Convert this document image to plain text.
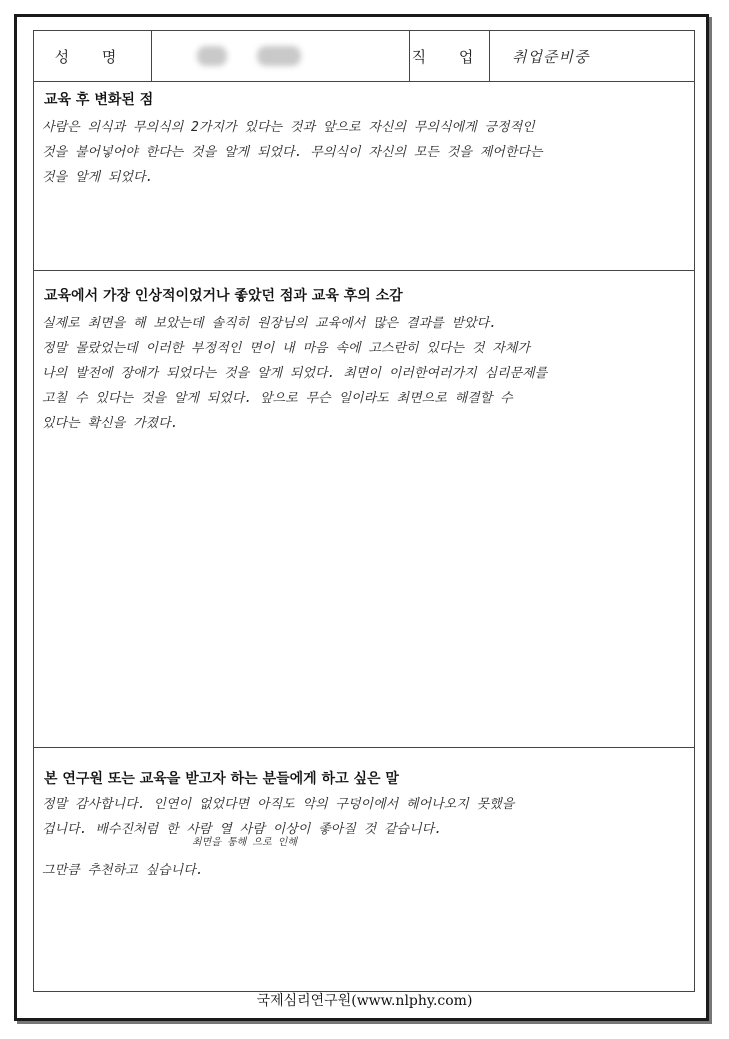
성 명	직 업	취업준비중
교육 후 변화된 점
사람은 의식과 무의식의 2가지가 있다는 것과 앞으로 자신의 무의식에게 긍정적인
것을 불어넣어야 한다는 것을 알게 되었다. 무의식이 자신의 모든 것을 제어한다는
것을 알게 되었다.
교육에서 가장 인상적이었거나 좋았던 점과 교육 후의 소감
실제로 최면을 해 보았는데 솔직히 원장님의 교육에서 많은 결과를 받았다.
정말 몰랐었는데 이러한 부정적인 면이 내 마음 속에 고스란히 있다는 것 자체가
나의 발전에 장애가 되었다는 것을 알게 되었다. 최면이 이러한여러가지 심리문제를
고칠 수 있다는 것을 알게 되었다. 앞으로 무슨 일이라도 최면으로 해결할 수
있다는 확신을 가졌다.
본 연구원 또는 교육을 받고자 하는 분들에게 하고 싶은 말
정말 감사합니다. 인연이 없었다면 아직도 악의 구덩이에서 헤어나오지 못했을
겁니다. 배수진처럼 한 사람 열 사람 이상이 좋아질 것 같습니다.
최면을 통해 으로 인해
그만큼 추천하고 싶습니다.
국제심리연구원(www.nlphy.com)
